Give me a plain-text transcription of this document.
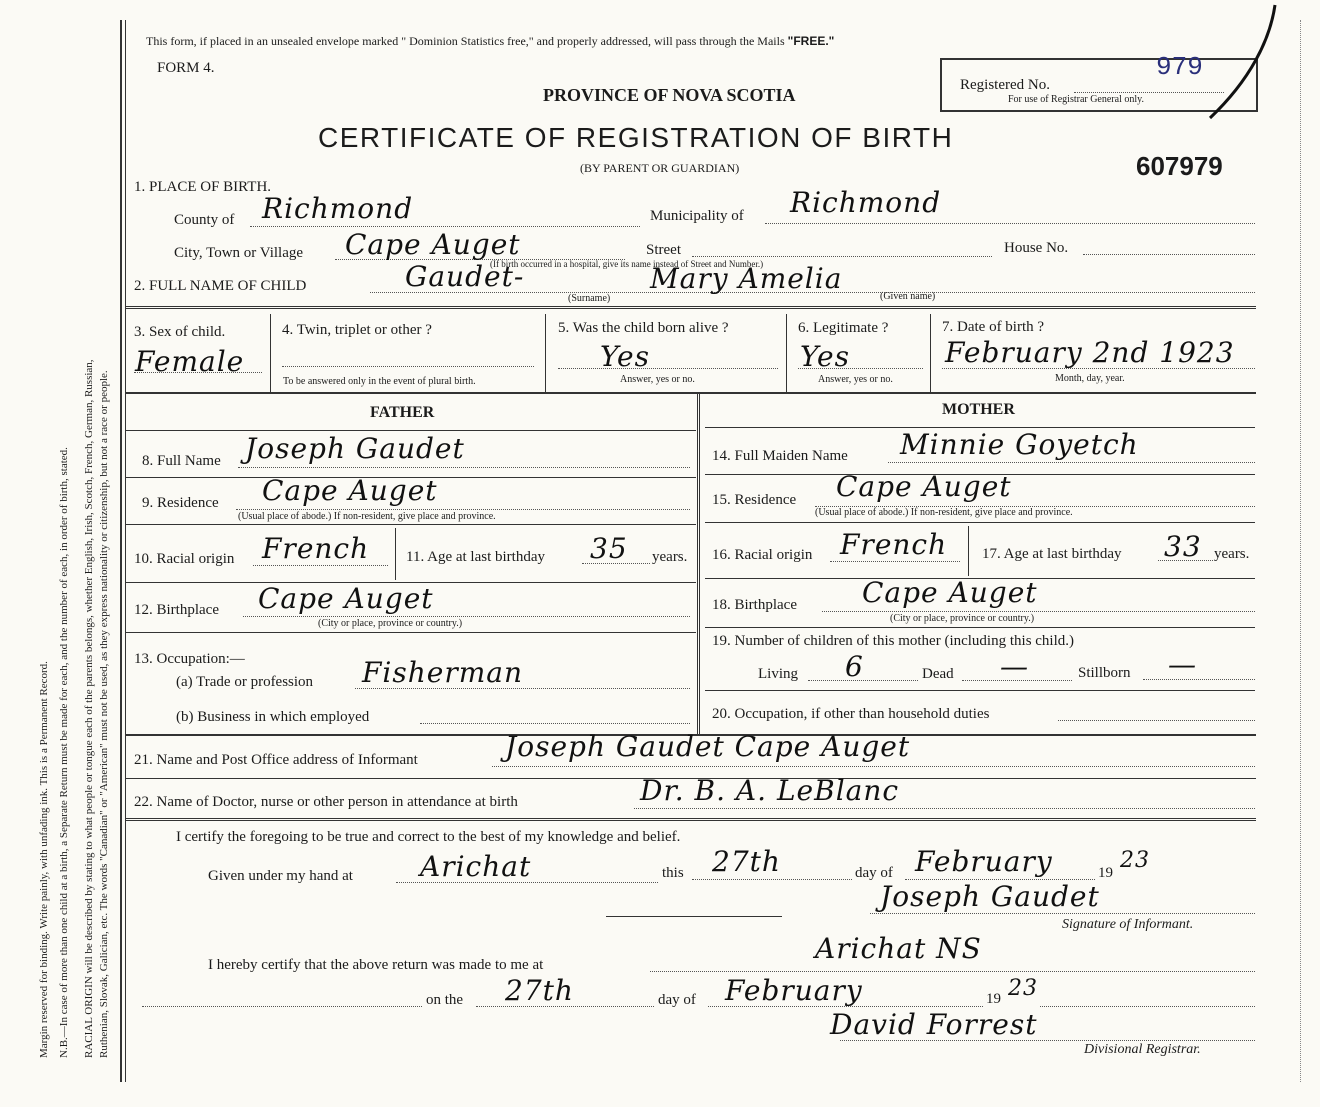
Margin reserved for binding. Write painly, with unfading ink. This is a Permanent Record. N.B.—In case of more than one child at a birth, a Separate Return must be made for each, and the number of each, in order of birth, stated. RACIAL ORIGIN will be described by stating to what people or tongue each of the parents belongs, whether English, Irish, Scotch, French, German, Russian, Ruthenian, Slovak, Galician, etc. The words "Canadian" or "American" must not be used, as they express nationality or citizenship, but not a race or people.
This form, if placed in an unsealed envelope marked " Dominion Statistics free," and properly addressed, will pass through the Mails "FREE."
FORM 4.
PROVINCE OF NOVA SCOTIA
CERTIFICATE OF REGISTRATION OF BIRTH
(BY PARENT OR GUARDIAN)
Registered No.
979
For use of Registrar General only.
607979
1. PLACE OF BIRTH.
County of Richmond	Municipality of Richmond
City, Town or Village Cape Auget	Street
(If birth occurred in a hospital, give its name instead of Street and Number.)
House No.
2. FULL NAME OF CHILD	Gaudet-	Mary Amelia
(Surname)	(Given name)
3. Sex of child.
Female
4. Twin, triplet or other ?
To be answered only in the event of plural birth.
5. Was the child born alive ?
Yes
Answer, yes or no.
6. Legitimate ?
Yes
Answer, yes or no.
7. Date of birth ?
February 2nd 1923
Month, day, year.
FATHER
8. Full Name Joseph Gaudet
9. Residence Cape Auget
(Usual place of abode.) If non-resident, give place and province.
10. Racial origin French 11. Age at last birthday 35 years.
12. Birthplace Cape Auget
(City or place, province or country.)
13. Occupation:—
(a) Trade or profession Fisherman
(b) Business in which employed
MOTHER
14. Full Maiden Name Minnie Goyetch
15. Residence Cape Auget
(Usual place of abode.) If non-resident, give place and province.
16. Racial origin French 17. Age at last birthday 33 years.
18. Birthplace Cape Auget
(City or place, province or country.)
19. Number of children of this mother (including this child.)
Living 6	Dead —	Stillborn —
20. Occupation, if other than household duties
21. Name and Post Office address of Informant	Joseph Gaudet Cape Auget
22. Name of Doctor, nurse or other person in attendance at birth	Dr. B. A. LeBlanc
I certify the foregoing to be true and correct to the best of my knowledge and belief.
Given under my hand at Arichat	this 27th	day of February	19 23
Joseph Gaudet
Signature of Informant.
I hereby certify that the above return was made to me at	Arichat NS
on the 27th	day of February	19 23
David Forrest
Divisional Registrar.
